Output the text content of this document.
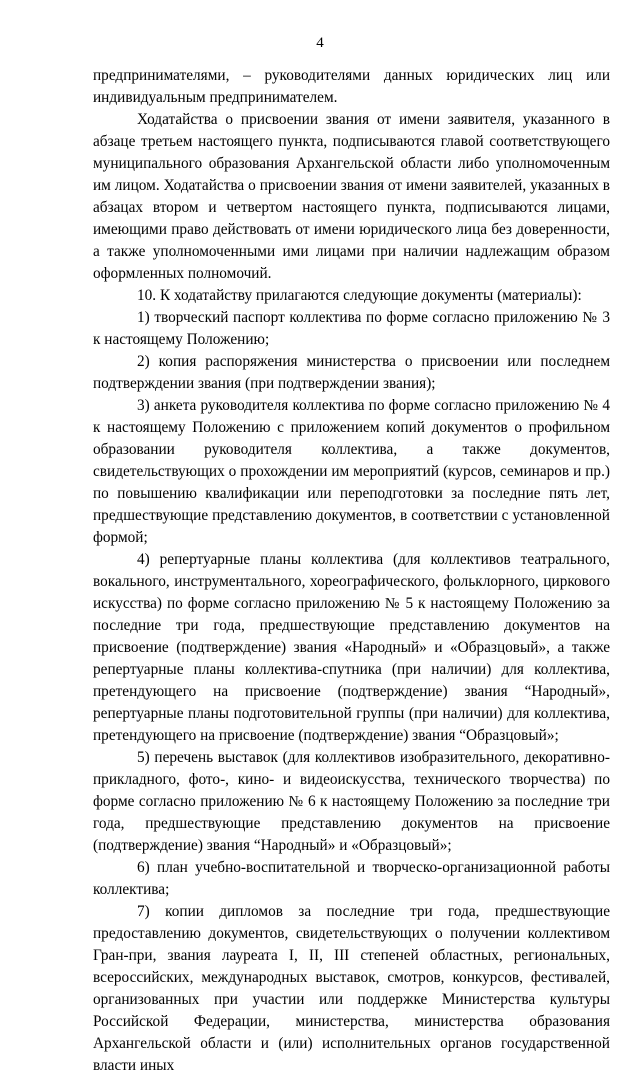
4

предпринимателями, – руководителями данных юридических лиц или индивидуальным предпринимателем.

Ходатайства о присвоении звания от имени заявителя, указанного в абзаце третьем настоящего пункта, подписываются главой соответствующего муниципального образования Архангельской области либо уполномоченным им лицом. Ходатайства о присвоении звания от имени заявителей, указанных в абзацах втором и четвертом настоящего пункта, подписываются лицами, имеющими право действовать от имени юридического лица без доверенности, а также уполномоченными ими лицами при наличии надлежащим образом оформленных полномочий.

10. К ходатайству прилагаются следующие документы (материалы):

1) творческий паспорт коллектива по форме согласно приложению № 3 к настоящему Положению;

2) копия распоряжения министерства о присвоении или последнем подтверждении звания (при подтверждении звания);

3) анкета руководителя коллектива по форме согласно приложению № 4 к настоящему Положению с приложением копий документов о профильном образовании руководителя коллектива, а также документов, свидетельствующих о прохождении им мероприятий (курсов, семинаров и пр.) по повышению квалификации или переподготовки за последние пять лет, предшествующие представлению документов, в соответствии с установленной формой;

4) репертуарные планы коллектива (для коллективов театрального, вокального, инструментального, хореографического, фольклорного, циркового искусства) по форме согласно приложению № 5 к настоящему Положению за последние три года, предшествующие представлению документов на присвоение (подтверждение) звания «Народный» и «Образцовый», а также репертуарные планы коллектива-спутника (при наличии) для коллектива, претендующего на присвоение (подтверждение) звания “Народный», репертуарные планы подготовительной группы (при наличии) для коллектива, претендующего на присвоение (подтверждение) звания “Образцовый»;

5) перечень выставок (для коллективов изобразительного, декоративно-прикладного, фото-, кино- и видеоискусства, технического творчества) по форме согласно приложению № 6 к настоящему Положению за последние три года, предшествующие представлению документов на присвоение (подтверждение) звания “Народный» и «Образцовый»;

6) план учебно-воспитательной и творческо-организационной работы коллектива;

7) копии дипломов за последние три года, предшествующие предоставлению документов, свидетельствующих о получении коллективом Гран-при, звания лауреата I, II, III степеней областных, региональных, всероссийских, международных выставок, смотров, конкурсов, фестивалей, организованных при участии или поддержке Министерства культуры Российской Федерации, министерства, министерства образования Архангельской области и (или) исполнительных органов государственной власти иных
